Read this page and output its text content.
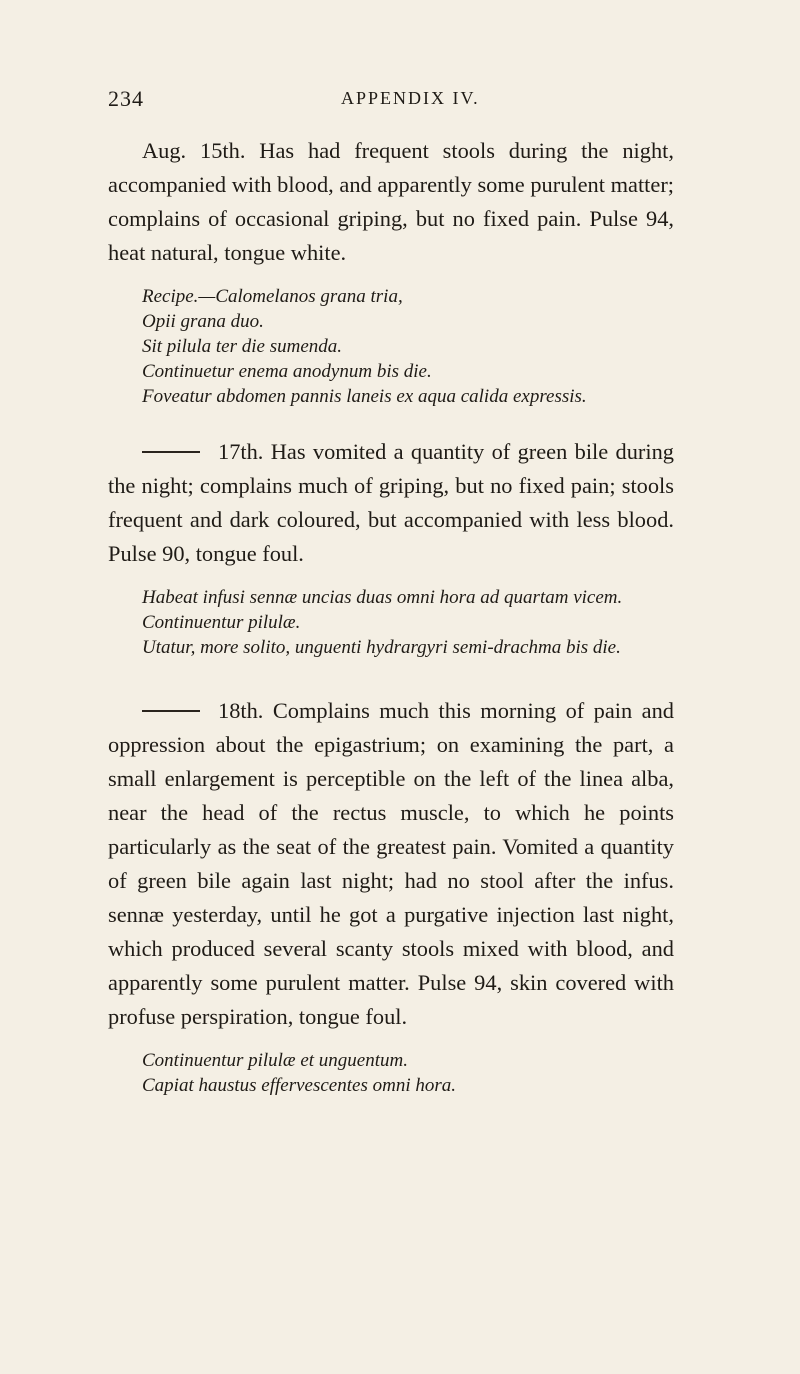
234	APPENDIX IV.

Aug. 15th. Has had frequent stools during the night, accompanied with blood, and apparently some purulent matter; complains of occasional griping, but no fixed pain. Pulse 94, heat natural, tongue white.

Recipe.—Calomelanos grana tria,
Opii grana duo.
Sit pilula ter die sumenda.
Continuetur enema anodynum bis die.
Foveatur abdomen pannis laneis ex aqua calida expressis.

17th. Has vomited a quantity of green bile during the night; complains much of griping, but no fixed pain; stools frequent and dark coloured, but accompanied with less blood. Pulse 90, tongue foul.

Habeat infusi sennæ uncias duas omni hora ad quartam vicem.
Continuentur pilulæ.
Utatur, more solito, unguenti hydrargyri semi-drachma bis die.

18th. Complains much this morning of pain and oppression about the epigastrium; on examining the part, a small enlargement is perceptible on the left of the linea alba, near the head of the rectus muscle, to which he points particularly as the seat of the greatest pain. Vomited a quantity of green bile again last night; had no stool after the infus. sennæ yesterday, until he got a purgative injection last night, which produced several scanty stools mixed with blood, and apparently some purulent matter. Pulse 94, skin covered with profuse perspiration, tongue foul.

Continuentur pilulæ et unguentum.
Capiat haustus effervescentes omni hora.
